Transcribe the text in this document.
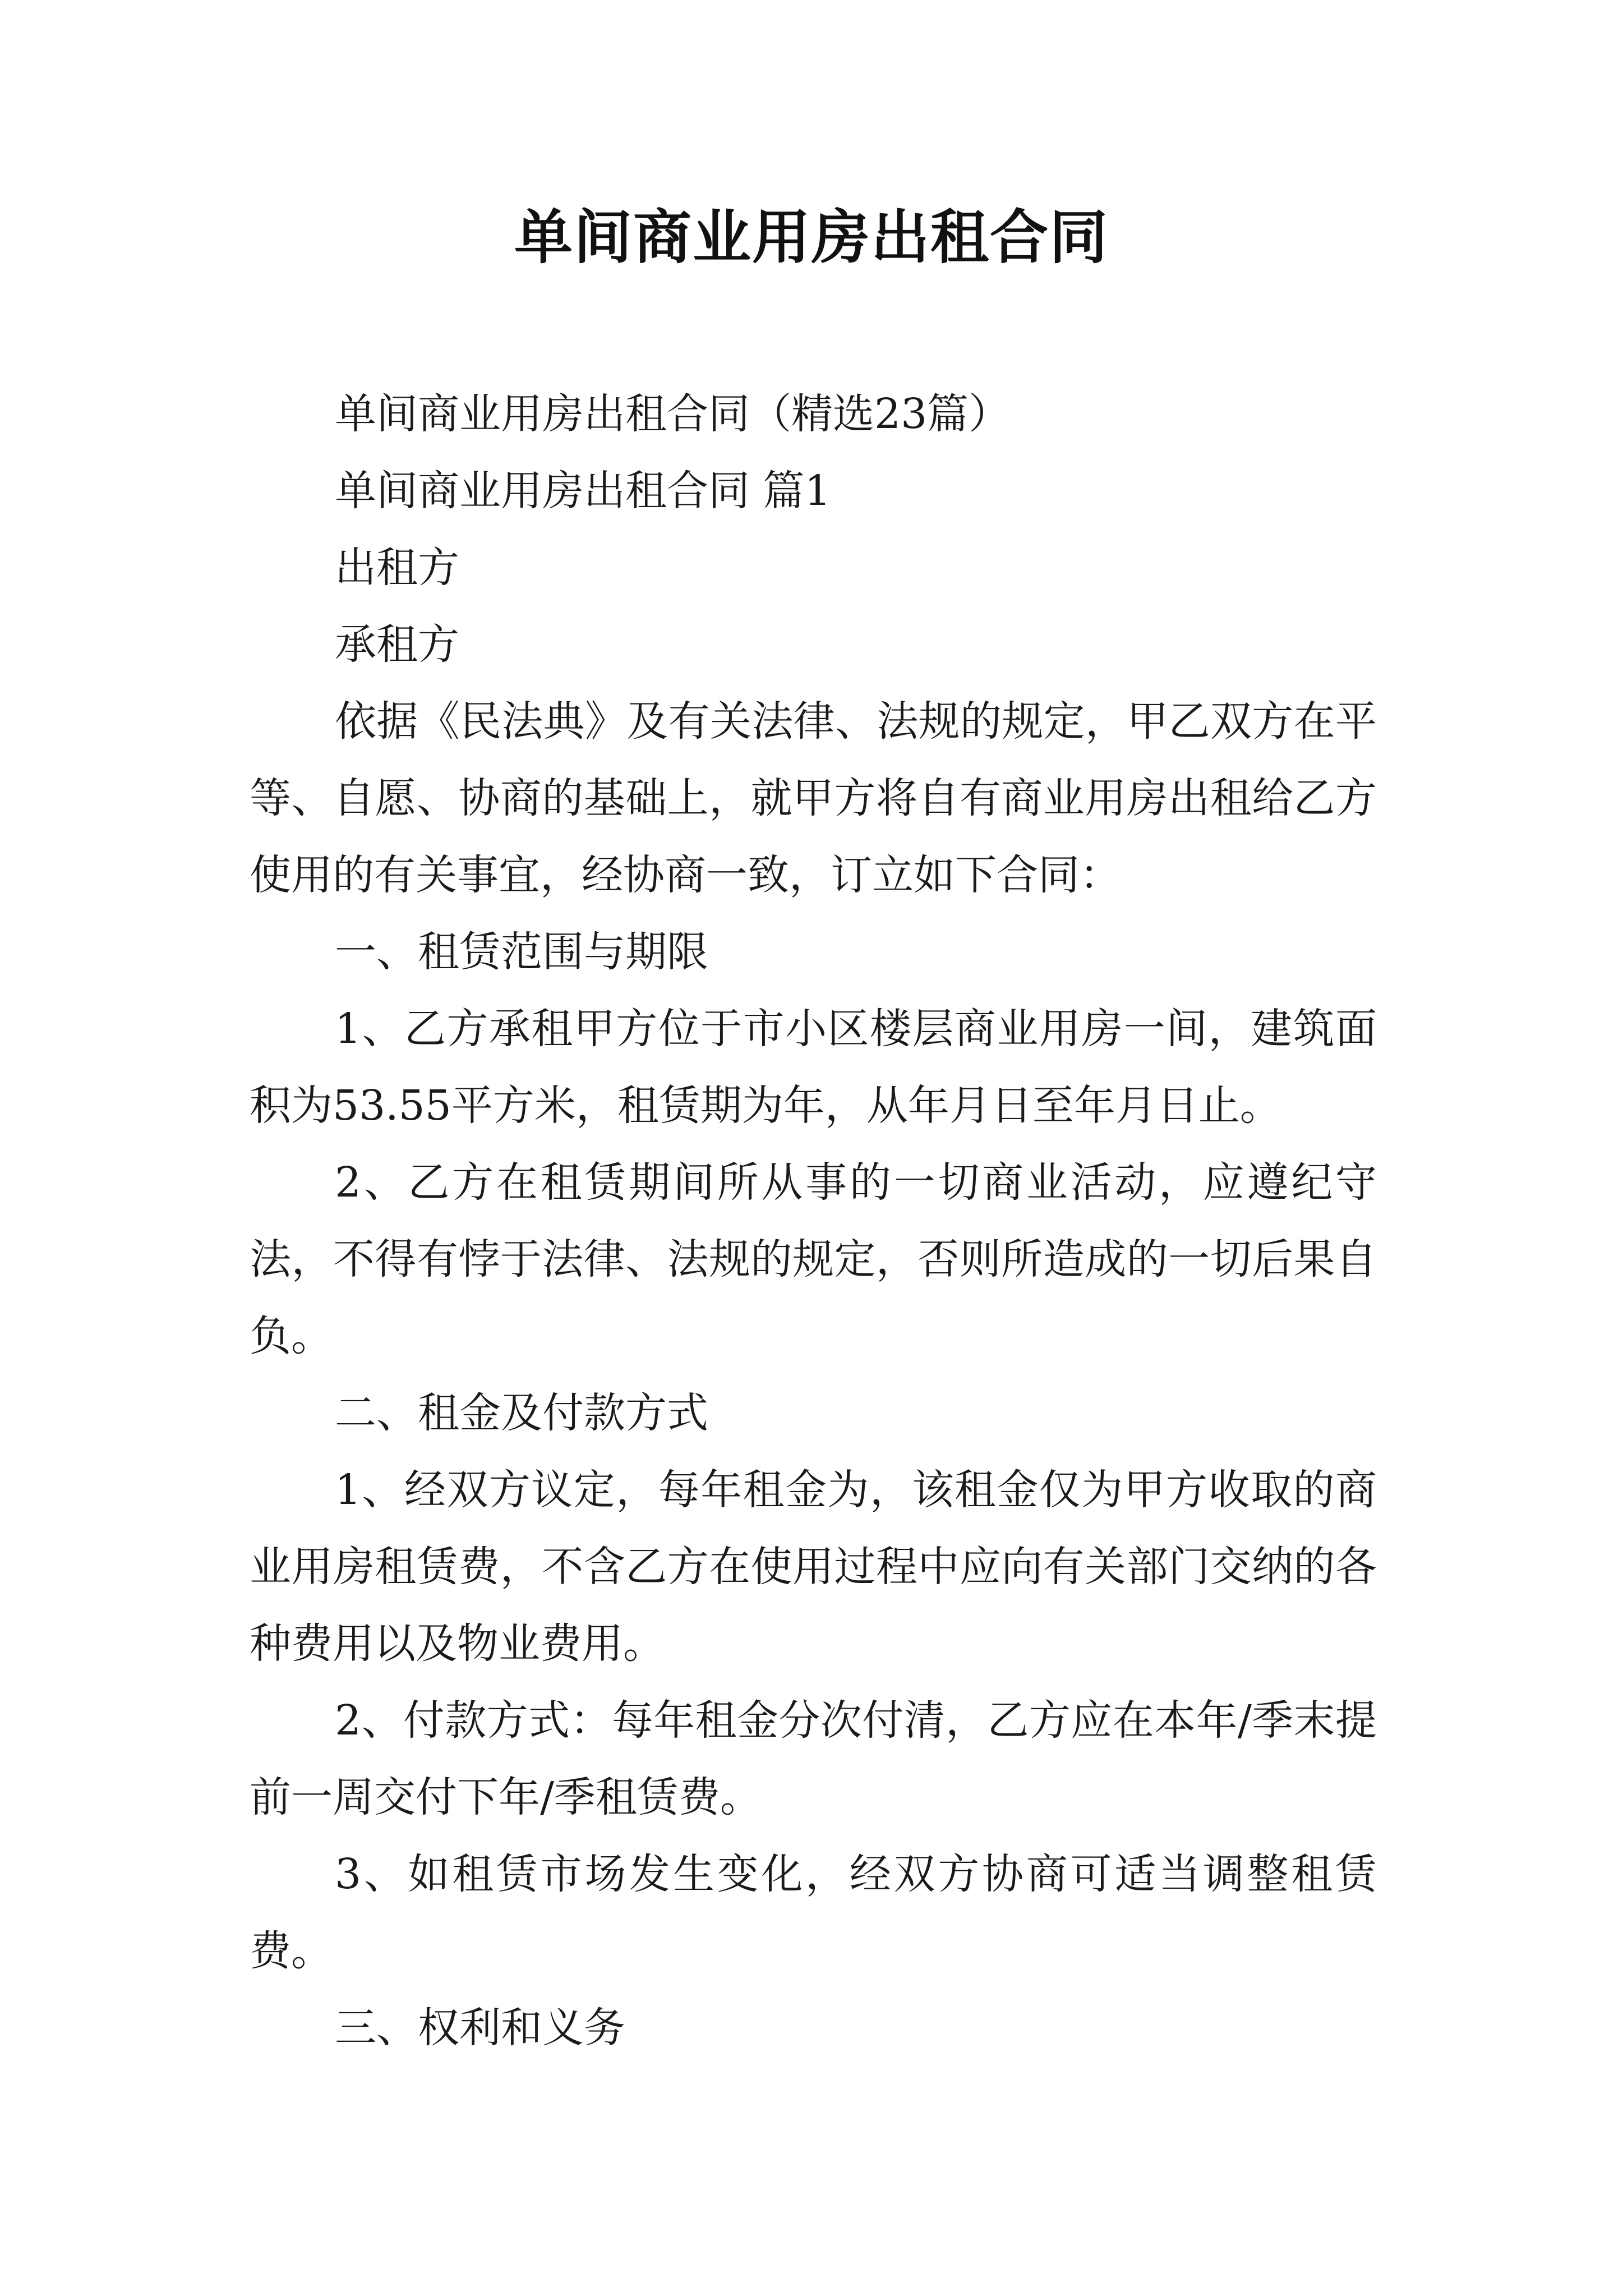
单间商业用房出租合同

单间商业用房出租合同（精选23篇）

单间商业用房出租合同 篇1

出租方

承租方

依据《民法典》及有关法律、法规的规定，甲乙双方在平等、自愿、协商的基础上，就甲方将自有商业用房出租给乙方使用的有关事宜，经协商一致，订立如下合同：

一、租赁范围与期限

1、乙方承租甲方位于市小区楼层商业用房一间，建筑面积为53.55平方米，租赁期为年，从年月日至年月日止。

2、乙方在租赁期间所从事的一切商业活动，应遵纪守法，不得有悖于法律、法规的规定，否则所造成的一切后果自负。

二、租金及付款方式

1、经双方议定，每年租金为，该租金仅为甲方收取的商业用房租赁费，不含乙方在使用过程中应向有关部门交纳的各种费用以及物业费用。

2、付款方式：每年租金分次付清，乙方应在本年/季末提前一周交付下年/季租赁费。

3、如租赁市场发生变化，经双方协商可适当调整租赁费。

三、权利和义务
